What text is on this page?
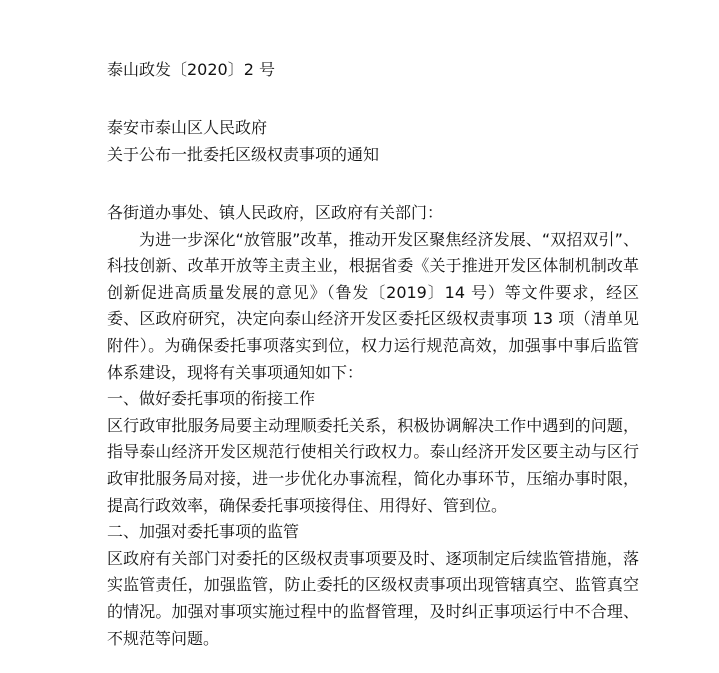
泰山政发〔2020〕2 号
泰安市泰山区人民政府
关于公布一批委托区级权责事项的通知

各街道办事处、镇人民政府，区政府有关部门：

为进一步深化“放管服”改革，推动开发区聚焦经济发展、“双招双引”、科技创新、改革开放等主责主业，根据省委《关于推进开发区体制机制改革创新促进高质量发展的意见》（鲁发〔2019〕14 号）等文件要求，经区委、区政府研究，决定向泰山经济开发区委托区级权责事项 13 项（清单见附件）。为确保委托事项落实到位，权力运行规范高效，加强事中事后监管体系建设，现将有关事项通知如下：

一、做好委托事项的衔接工作

区行政审批服务局要主动理顺委托关系，积极协调解决工作中遇到的问题，指导泰山经济开发区规范行使相关行政权力。泰山经济开发区要主动与区行政审批服务局对接，进一步优化办事流程，简化办事环节，压缩办事时限，提高行政效率，确保委托事项接得住、用得好、管到位。

二、加强对委托事项的监管

区政府有关部门对委托的区级权责事项要及时、逐项制定后续监管措施，落实监管责任，加强监管，防止委托的区级权责事项出现管辖真空、监管真空的情况。加强对事项实施过程中的监督管理，及时纠正事项运行中不合理、不规范等问题。
